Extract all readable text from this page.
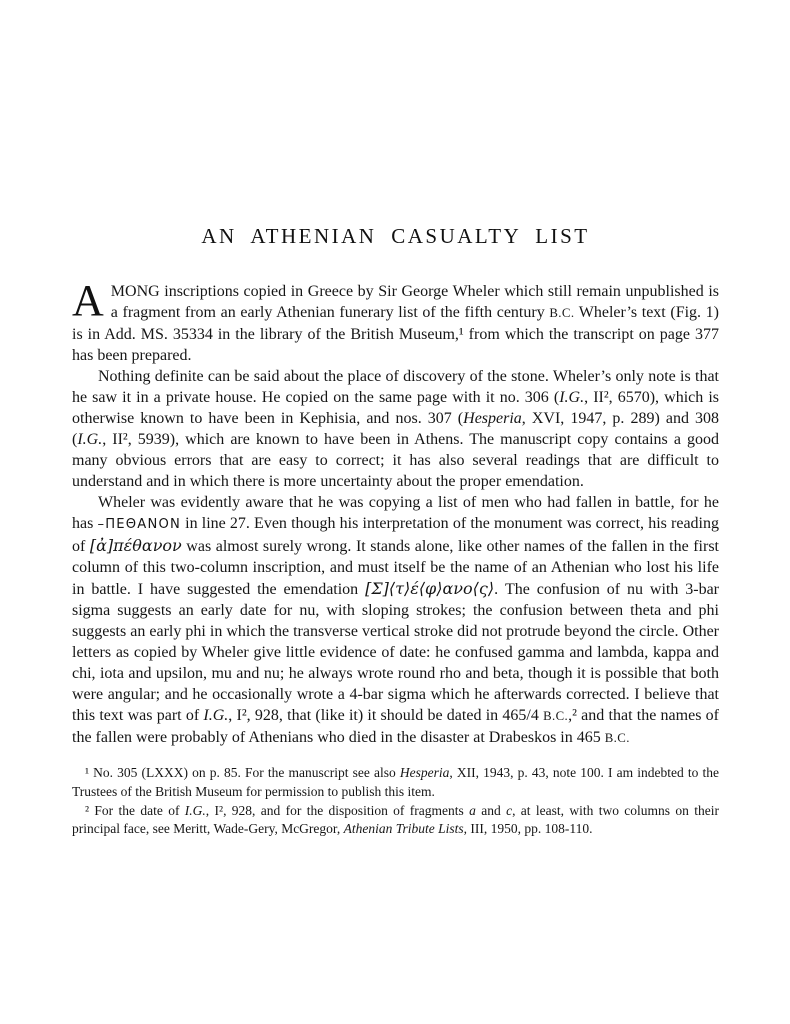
AN ATHENIAN CASUALTY LIST

AMONG inscriptions copied in Greece by Sir George Wheler which still remain unpublished is a fragment from an early Athenian funerary list of the fifth century B.C. Wheler’s text (Fig. 1) is in Add. MS. 35334 in the library of the British Museum,¹ from which the transcript on page 377 has been prepared.

Nothing definite can be said about the place of discovery of the stone. Wheler’s only note is that he saw it in a private house. He copied on the same page with it no. 306 (I.G., II², 6570), which is otherwise known to have been in Kephisia, and nos. 307 (Hesperia, XVI, 1947, p. 289) and 308 (I.G., II², 5939), which are known to have been in Athens. The manuscript copy contains a good many obvious errors that are easy to correct; it has also several readings that are difficult to understand and in which there is more uncertainty about the proper emendation.

Wheler was evidently aware that he was copying a list of men who had fallen in battle, for he has –ΠΕΘΑΝΟΝ in line 27. Even though his interpretation of the monument was correct, his reading of [ἀ]πέθανον was almost surely wrong. It stands alone, like other names of the fallen in the first column of this two-column inscription, and must itself be the name of an Athenian who lost his life in battle. I have suggested the emendation [Σ]⟨τ⟩έ⟨φ⟩ανο⟨ς⟩. The confusion of nu with 3-bar sigma suggests an early date for nu, with sloping strokes; the confusion between theta and phi suggests an early phi in which the transverse vertical stroke did not protrude beyond the circle. Other letters as copied by Wheler give little evidence of date: he confused gamma and lambda, kappa and chi, iota and upsilon, mu and nu; he always wrote round rho and beta, though it is possible that both were angular; and he occasionally wrote a 4-bar sigma which he afterwards corrected. I believe that this text was part of I.G., I², 928, that (like it) it should be dated in 465/4 B.C.,² and that the names of the fallen were probably of Athenians who died in the disaster at Drabeskos in 465 B.C.

¹ No. 305 (LXXX) on p. 85. For the manuscript see also Hesperia, XII, 1943, p. 43, note 100. I am indebted to the Trustees of the British Museum for permission to publish this item.

² For the date of I.G., I², 928, and for the disposition of fragments a and c, at least, with two columns on their principal face, see Meritt, Wade-Gery, McGregor, Athenian Tribute Lists, III, 1950, pp. 108-110.
